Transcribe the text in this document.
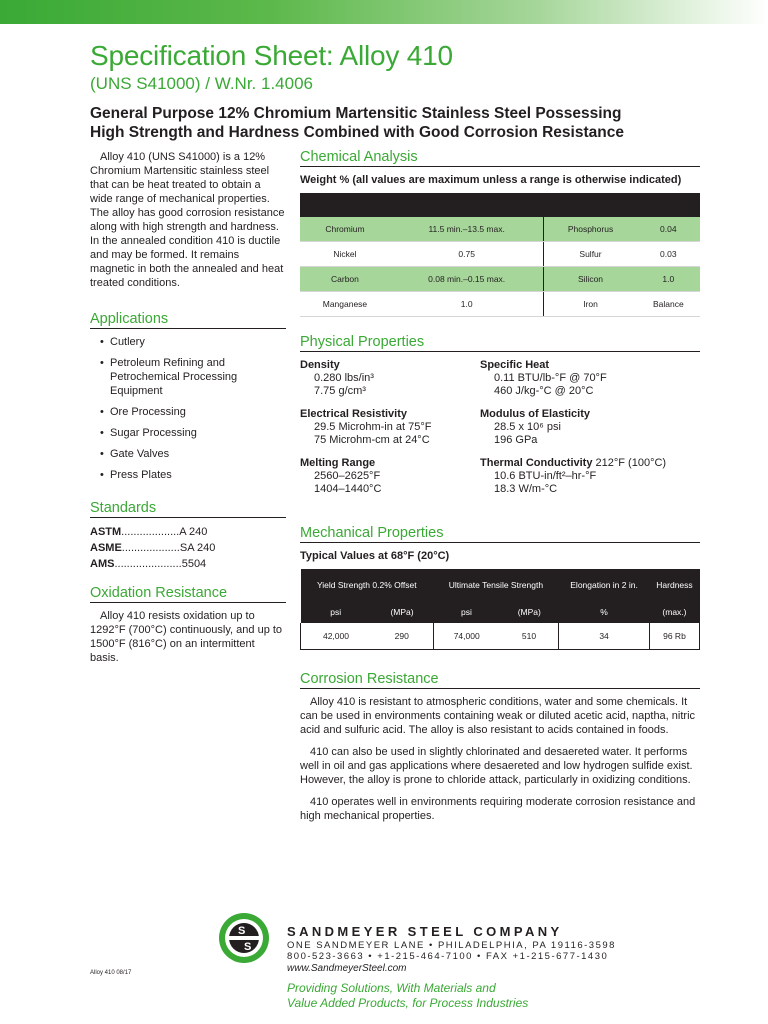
Specification Sheet: Alloy 410
(UNS S41000) / W.Nr. 1.4006
General Purpose 12% Chromium Martensitic Stainless Steel Possessing
High Strength and Hardness Combined with Good Corrosion Resistance

Alloy 410 (UNS S41000) is a 12% Chromium Martensitic stainless steel that can be heat treated to obtain a wide range of mechanical properties. The alloy has good corrosion resistance along with high strength and hardness. In the annealed condition 410 is ductile and may be formed. It remains magnetic in both the annealed and heat treated conditions.

Applications
• Cutlery
• Petroleum Refining and Petrochemical Processing Equipment
• Ore Processing
• Sugar Processing
• Gate Valves
• Press Plates
Standards
ASTM...................A 240
ASME...................SA 240
AMS......................5504
Oxidation Resistance

Alloy 410 resists oxidation up to 1292°F (700°C) continuously, and up to 1500°F (816°C) on an intermittent basis.

Chemical Analysis
Weight % (all values are maximum unless a range is otherwise indicated)

Chromium	11.5 min.–13.5 max.	Phosphorus	0.04
Nickel	0.75	Sulfur	0.03
Carbon	0.08 min.–0.15 max.	Silicon	1.0
Manganese	1.0	Iron	Balance
Physical Properties
Density
0.280 lbs/in³
7.75 g/cm³
Electrical Resistivity
29.5 Microhm-in at 75°F
75 Microhm-cm at 24°C
Melting Range
2560–2625°F
1404–1440°C
Specific Heat
0.11 BTU/lb-°F @ 70°F
460 J/kg-°C @ 20°C
Modulus of Elasticity
28.5 x 10⁶ psi
196 GPa
Thermal Conductivity 212°F (100°C)
10.6 BTU-in/ft²–hr-°F
18.3 W/m-°C
Mechanical Properties
Typical Values at 68°F (20°C)
Yield Strength 0.2% Offset		Ultimate Tensile Strength		Elongation in 2 in.	Hardness
psi	(MPa)	psi	(MPa)	%	(max.)
42,000	290	74,000	510	34	96 Rb
Corrosion Resistance

Alloy 410 is resistant to atmospheric conditions, water and some chemicals. It can be used in environments containing weak or diluted acetic acid, naptha, nitric acid and sulfuric acid. The alloy is also resistant to acids contained in foods.

410 can also be used in slightly chlorinated and desaereted water. It performs well in oil and gas applications where desaereted and low hydrogen sulfide exist. However, the alloy is prone to chloride attack, particularly in oxidizing conditions.

410 operates well in environments requiring moderate corrosion resistance and high mechanical properties.

S
S
SANDMEYER STEEL COMPANY
ONE SANDMEYER LANE • PHILADELPHIA, PA 19116-3598
800-523-3663 • +1-215-464-7100 • FAX +1-215-677-1430
www.SandmeyerSteel.com
Providing Solutions, With Materials and
Value Added Products, for Process Industries
Alloy 410 08/17
